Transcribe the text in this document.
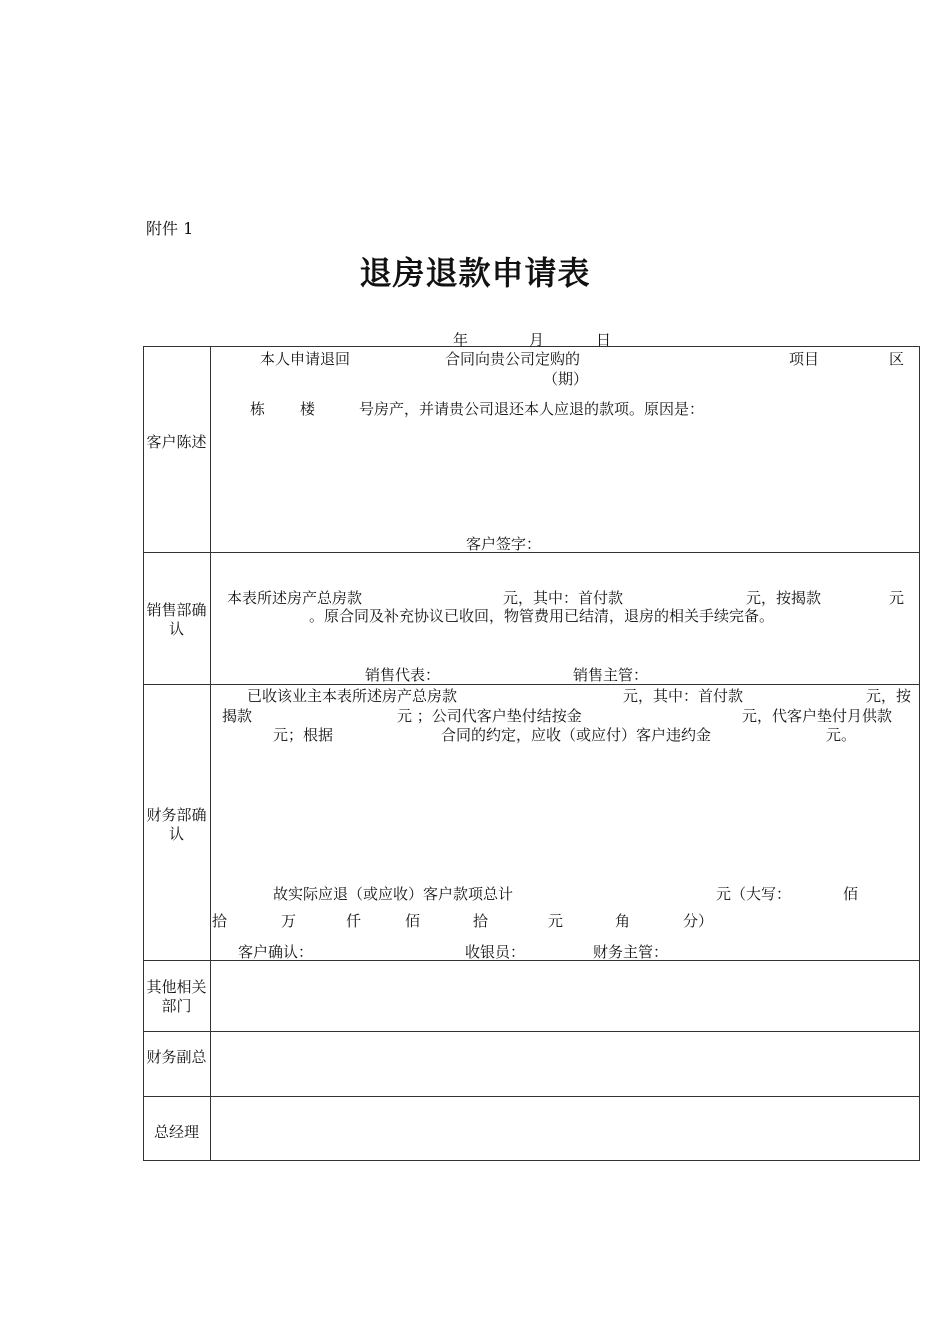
附件 1
退房退款申请表
年	月	日
客户陈述
本人申请退回	合同向贵公司定购的	项目	区
（期）
栋 楼	号房产，并请贵公司退还本人应退的款项。原因是：
客户签字：
销售部确认
本表所述房产总房款	元，其中：首付款	元，按揭款	元
。原合同及补充协议已收回，物管费用已结清，退房的相关手续完备。
销售代表：	销售主管：
财务部确认
已收该业主本表所述房产总房款	元，其中：首付款	元，按
揭款	元 ；公司代客户垫付结按金	元，代客户垫付月供款
元；根据	合同的约定，应收（或应付）客户违约金	元。
故实际应退（或应收）客户款项总计	元（大写：	佰
拾	万	仟	佰	拾	元	角	分）
客户确认：	收银员：	财务主管：
其他相关部门
财务副总
总经理
